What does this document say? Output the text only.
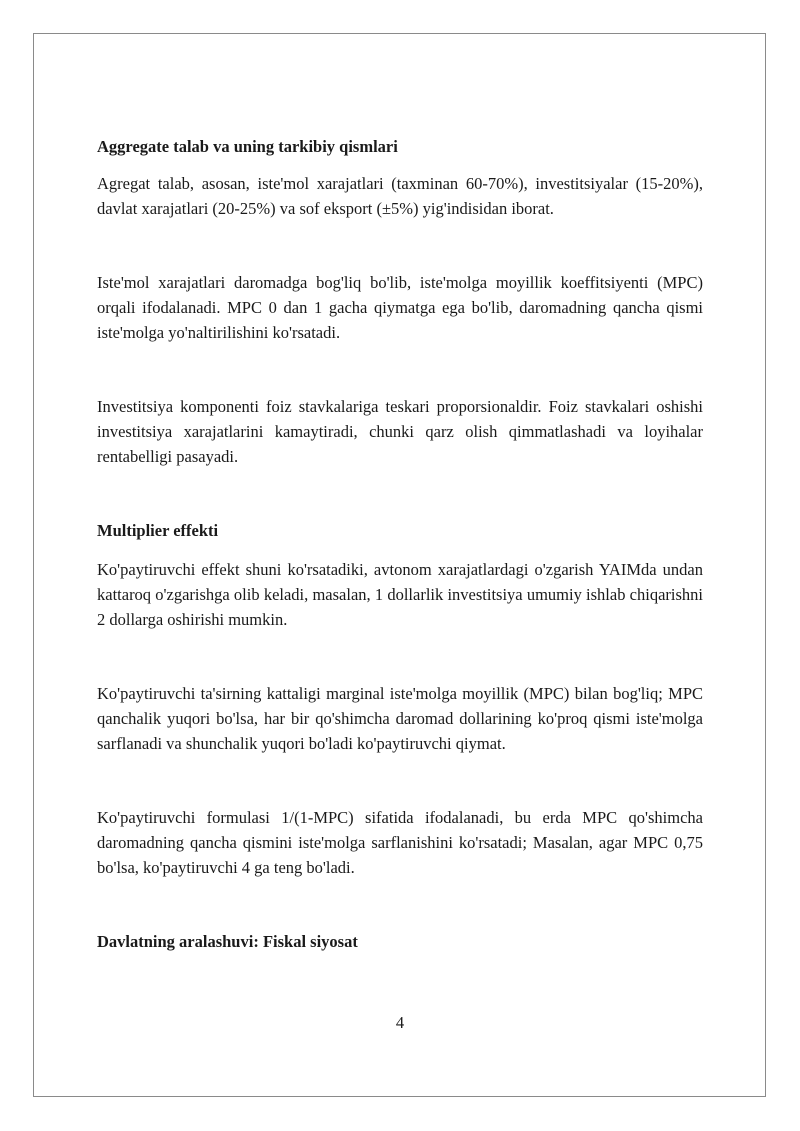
Aggregate talab va uning tarkibiy qismlari

Agregat talab, asosan, iste'mol xarajatlari (taxminan 60-70%), investitsiyalar (15-20%), davlat xarajatlari (20-25%) va sof eksport (±5%) yig'indisidan iborat.

Iste'mol xarajatlari daromadga bog'liq bo'lib, iste'molga moyillik koeffitsiyenti (MPC) orqali ifodalanadi. MPC 0 dan 1 gacha qiymatga ega bo'lib, daromadning qancha qismi iste'molga yo'naltirilishini ko'rsatadi.

Investitsiya komponenti foiz stavkalariga teskari proporsionaldir. Foiz stavkalari oshishi investitsiya xarajatlarini kamaytiradi, chunki qarz olish qimmatlashadi va loyihalar rentabelligi pasayadi.

Multiplier effekti

Ko'paytiruvchi effekt shuni ko'rsatadiki, avtonom xarajatlardagi o'zgarish YAIMda undan kattaroq o'zgarishga olib keladi, masalan, 1 dollarlik investitsiya umumiy ishlab chiqarishni 2 dollarga oshirishi mumkin.

Ko'paytiruvchi ta'sirning kattaligi marginal iste'molga moyillik (MPC) bilan bog'liq; MPC qanchalik yuqori bo'lsa, har bir qo'shimcha daromad dollarining ko'proq qismi iste'molga sarflanadi va shunchalik yuqori bo'ladi ko'paytiruvchi qiymat.

Ko'paytiruvchi formulasi 1/(1-MPC) sifatida ifodalanadi, bu erda MPC qo'shimcha daromadning qancha qismini iste'molga sarflanishini ko'rsatadi; Masalan, agar MPC 0,75 bo'lsa, ko'paytiruvchi 4 ga teng bo'ladi.

Davlatning aralashuvi: Fiskal siyosat

4
